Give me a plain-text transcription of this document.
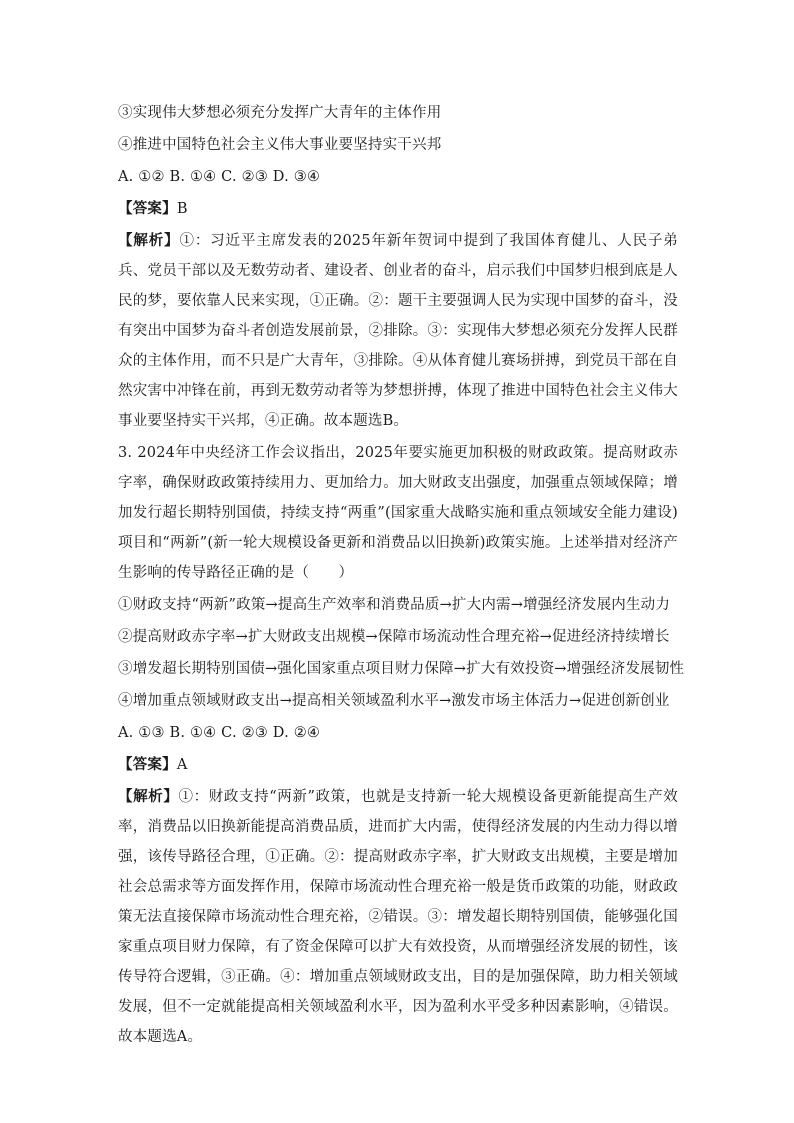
③实现伟大梦想必须充分发挥广大青年的主体作用
④推进中国特色社会主义伟大事业要坚持实干兴邦
A. ①② B. ①④ C. ②③ D. ③④
【答案】B
【解析】①：习近平主席发表的2025年新年贺词中提到了我国体育健儿、人民子弟兵、党员干部以及无数劳动者、建设者、创业者的奋斗，启示我们中国梦归根到底是人民的梦，要依靠人民来实现，①正确。②：题干主要强调人民为实现中国梦的奋斗，没有突出中国梦为奋斗者创造发展前景，②排除。③：实现伟大梦想必须充分发挥人民群众的主体作用，而不只是广大青年，③排除。④从体育健儿赛场拼搏，到党员干部在自然灾害中冲锋在前，再到无数劳动者等为梦想拼搏，体现了推进中国特色社会主义伟大事业要坚持实干兴邦，④正确。故本题选B。
3. 2024年中央经济工作会议指出，2025年要实施更加积极的财政政策。提高财政赤字率，确保财政政策持续用力、更加给力。加大财政支出强度，加强重点领域保障；增加发行超长期特别国债，持续支持“两重”(国家重大战略实施和重点领域安全能力建设)项目和“两新”(新一轮大规模设备更新和消费品以旧换新)政策实施。上述举措对经济产生影响的传导路径正确的是（　　）
①财政支持“两新”政策→提高生产效率和消费品质→扩大内需→增强经济发展内生动力
②提高财政赤字率→扩大财政支出规模→保障市场流动性合理充裕→促进经济持续增长
③增发超长期特别国债→强化国家重点项目财力保障→扩大有效投资→增强经济发展韧性
④增加重点领域财政支出→提高相关领域盈利水平→激发市场主体活力→促进创新创业
A. ①③ B. ①④ C. ②③ D. ②④
【答案】A
【解析】①：财政支持“两新”政策，也就是支持新一轮大规模设备更新能提高生产效率，消费品以旧换新能提高消费品质，进而扩大内需，使得经济发展的内生动力得以增强，该传导路径合理，①正确。②：提高财政赤字率，扩大财政支出规模，主要是增加社会总需求等方面发挥作用，保障市场流动性合理充裕一般是货币政策的功能，财政政策无法直接保障市场流动性合理充裕，②错误。③：增发超长期特别国债，能够强化国家重点项目财力保障，有了资金保障可以扩大有效投资，从而增强经济发展的韧性，该传导符合逻辑，③正确。④：增加重点领域财政支出，目的是加强保障，助力相关领域发展，但不一定就能提高相关领域盈利水平，因为盈利水平受多种因素影响，④错误。故本题选A。
